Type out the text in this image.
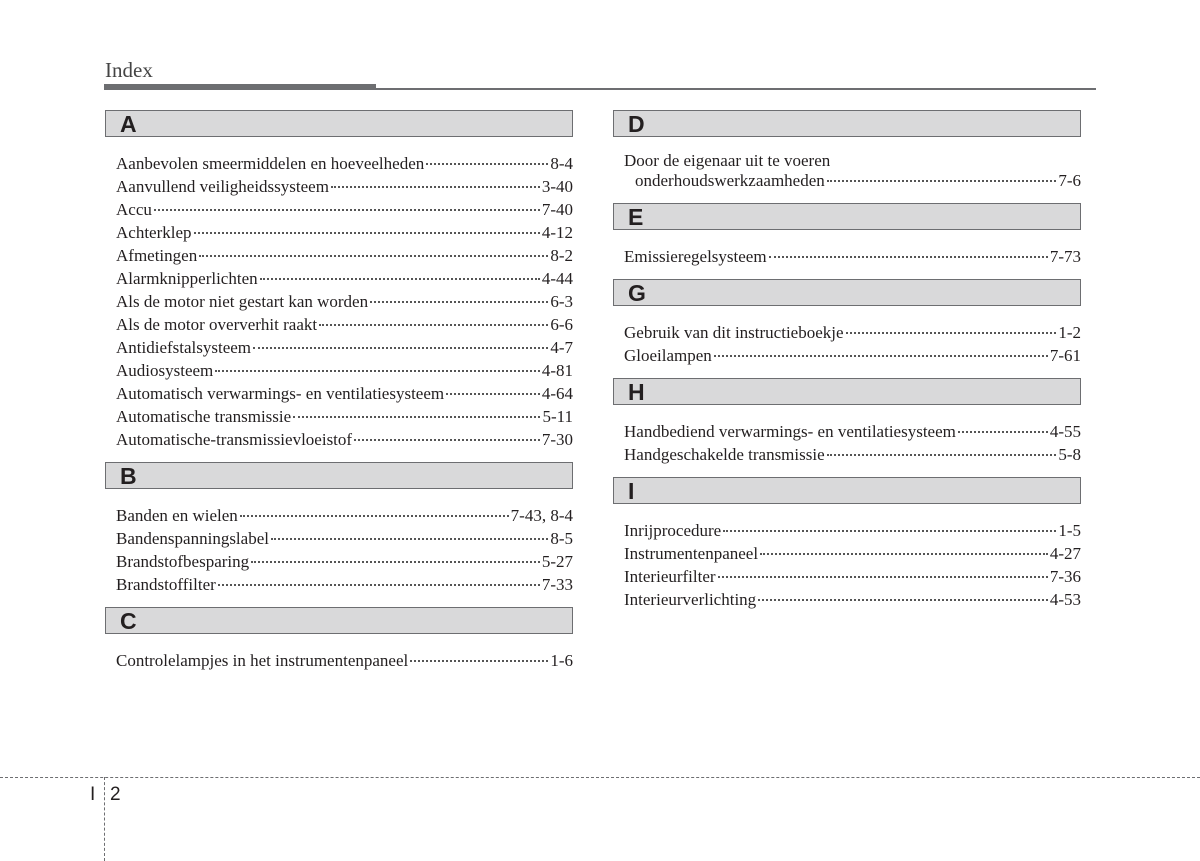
Index
A
Aanbevolen smeermiddelen en hoeveelheden	8-4
Aanvullend veiligheidssysteem	3-40
Accu	7-40
Achterklep	4-12
Afmetingen	8-2
Alarmknipperlichten	4-44
Als de motor niet gestart kan worden	6-3
Als de motor oververhit raakt	6-6
Antidiefstalsysteem	4-7
Audiosysteem	4-81
Automatisch verwarmings- en ventilatiesysteem	4-64
Automatische transmissie	5-11
Automatische-transmissievloeistof	7-30
B
Banden en wielen	7-43, 8-4
Bandenspanningslabel	8-5
Brandstofbesparing	5-27
Brandstoffilter	7-33
C
Controlelampjes in het instrumentenpaneel	1-6
D
Door de eigenaar uit te voeren
onderhoudswerkzaamheden	7-6
E
Emissieregelsysteem	7-73
G
Gebruik van dit instructieboekje	1-2
Gloeilampen	7-61
H
Handbediend verwarmings- en ventilatiesysteem	4-55
Handgeschakelde transmissie	5-8
I
Inrijprocedure	1-5
Instrumentenpaneel	4-27
Interieurfilter	7-36
Interieurverlichting	4-53
I 2
